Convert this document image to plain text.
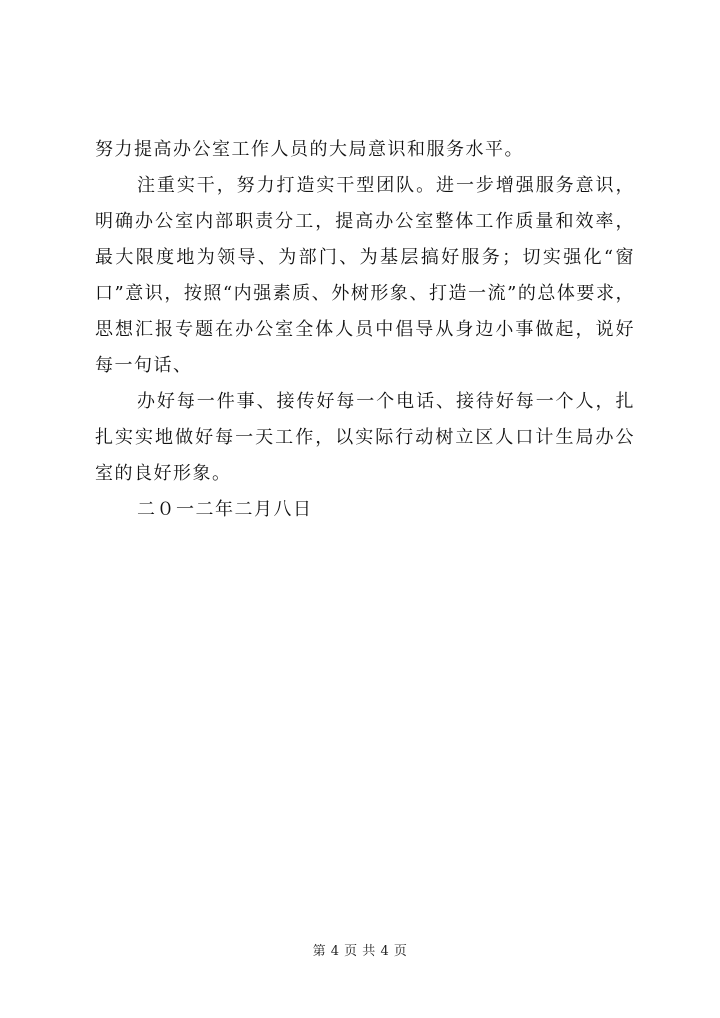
努力提高办公室工作人员的大局意识和服务水平。

注重实干，努力打造实干型团队。进一步增强服务意识，明确办公室内部职责分工，提高办公室整体工作质量和效率，最大限度地为领导、为部门、为基层搞好服务；切实强化“窗口”意识，按照“内强素质、外树形象、打造一流”的总体要求，思想汇报专题在办公室全体人员中倡导从身边小事做起，说好每一句话、

办好每一件事、接传好每一个电话、接待好每一个人，扎扎实实地做好每一天工作，以实际行动树立区人口计生局办公室的良好形象。

二０一二年二月八日

第 4 页 共 4 页
